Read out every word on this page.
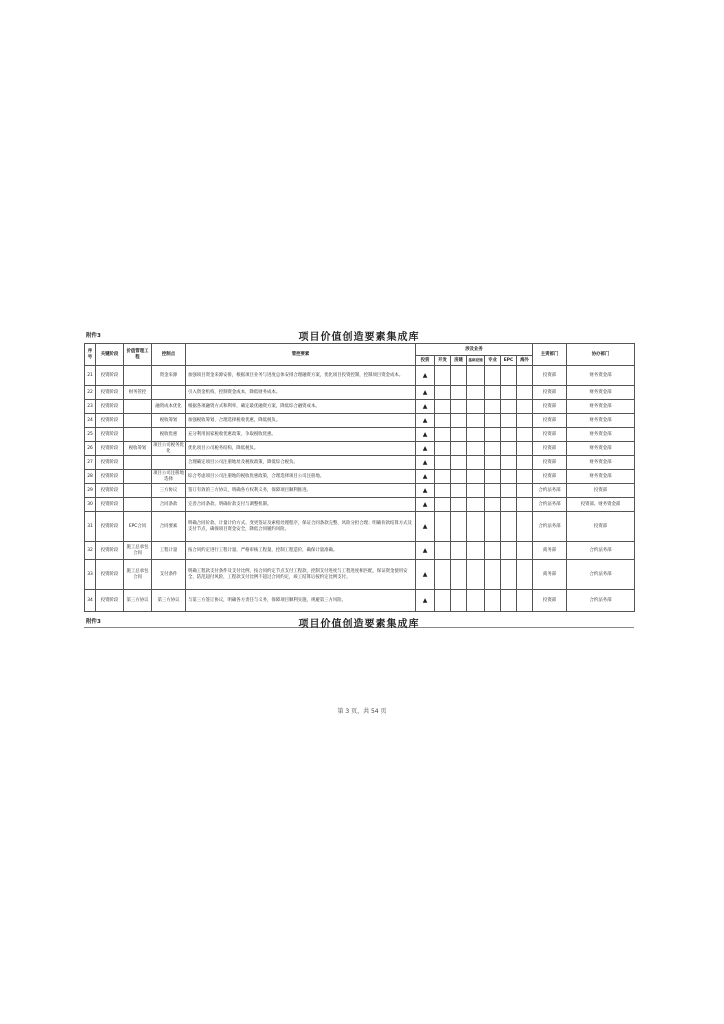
附件3	项目价值创造要素集成库
序号	关键阶段	价值管理工程	控制点	管控要素	涉及业务							主责部门	协办部门
					投资	开发	房建	基础设施	专业	EPC	海外		
21	投资阶段		资金来源	加强项目资金来源安排，根据项目业务与进度总体安排合理融资方案，优化项目投资控制，控制项目资金成本。	▲							投资部	财务资金部
22	投资阶段	财务管控		引入资金机构，控制资金成本，降低财务成本。	▲							投资部	财务资金部
23	投资阶段		融资成本优化	根据各项融资方式和利率，确定最优融资方案，降低综合融资成本。	▲							投资部	财务资金部
24	投资阶段		税收筹划	加强税收筹划，合理选择税收优惠，降低税负。	▲							投资部	财务资金部
25	投资阶段		税收优惠	充分利用国家税收优惠政策，争取税收优惠。	▲							投资部	财务资金部
26	投资阶段	税收筹划	项目公司税务优化	优化项目公司税务结构，降低税负。	▲							投资部	财务资金部
27	投资阶段			合理确定项目公司注册地址及税收政策，降低综合税负。	▲							投资部	财务资金部
28	投资阶段		项目公司注册地选择	综合考虑项目公司注册地的税收优惠政策，合理选择项目公司注册地。	▲							投资部	财务资金部
29	投资阶段		三方协议	签订有效的三方协议，明确各方权利义务，保障项目顺利推进。	▲							合约法务部	投资部
30	投资阶段		合同条款	完善合同条款，明确价款支付与调整机制。	▲							合约法务部	投资部、财务资金部
31	投资阶段	EPC合同	合同要素	明确合同价款、计量计价方式、变更签证及索赔处理程序，保证合同条款完整、风险分担合理；明确价款结算方式及支付节点，确保项目资金安全，降低合同履约风险。	▲							合约法务部	投资部
32	投资阶段	施工总承包合同	工程计量	按合同约定进行工程计量，严格审核工程量，控制工程造价，确保计量准确。	▲							商务部	合约法务部
33	投资阶段	施工总承包合同	支付条件	明确工程款支付条件及支付比例，按合同约定节点支付工程款，控制支付进度与工程进度相匹配，保证资金使用安全，防范超付风险，工程款支付比例不超过合同约定，竣工结算后按约定比例支付。	▲							商务部	合约法务部
34	投资阶段	第三方协议	第三方协议	与第三方签订协议，明确各方责任与义务，保障项目顺利实施，规避第三方风险。	▲							投资部	合约法务部
附件3	项目价值创造要素集成库
第 3 页，共 54 页
